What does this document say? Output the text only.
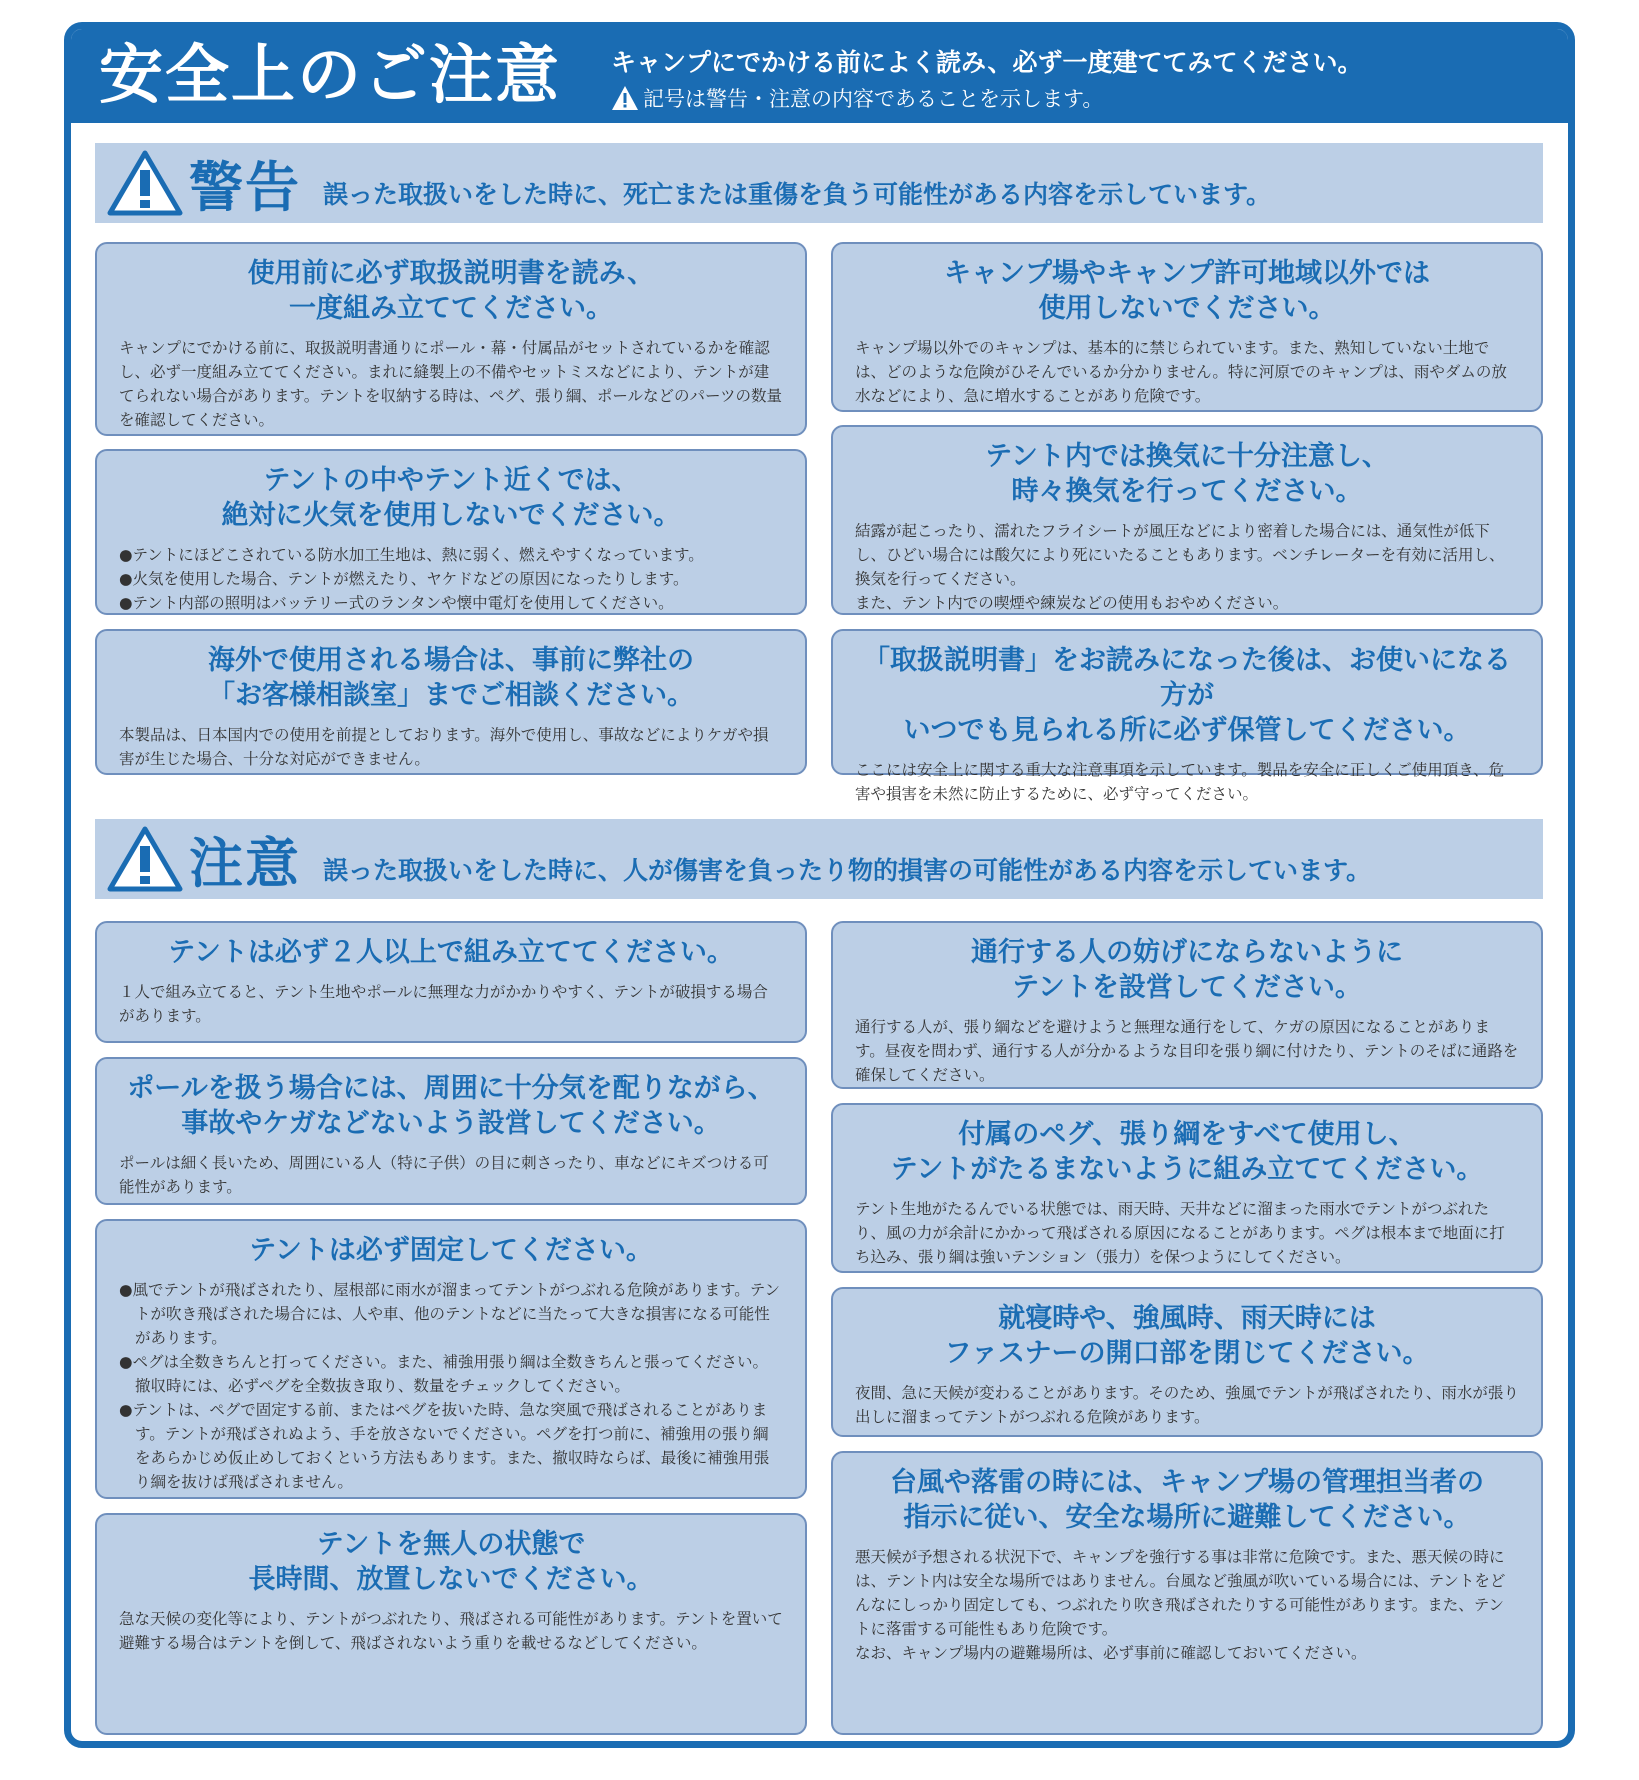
安全上のご注意 キャンプにでかける前によく読み、必ず一度建ててみてください。
記号は警告・注意の内容であることを示します。
警告 誤った取扱いをした時に、死亡または重傷を負う可能性がある内容を示しています。
使用前に必ず取扱説明書を読み、
一度組み立ててください。

キャンプにでかける前に、取扱説明書通りにポール・幕・付属品がセットされているかを確認し、必ず一度組み立ててください。まれに縫製上の不備やセットミスなどにより、テントが建てられない場合があります。テントを収納する時は、ペグ、張り綱、ポールなどのパーツの数量を確認してください。

キャンプ場やキャンプ許可地域以外では
使用しないでください。

キャンプ場以外でのキャンプは、基本的に禁じられています。また、熟知していない土地では、どのような危険がひそんでいるか分かりません。特に河原でのキャンプは、雨やダムの放水などにより、急に増水することがあり危険です。

テントの中やテント近くでは、
絶対に火気を使用しないでください。
● テントにほどこされている防水加工生地は、熱に弱く、燃えやすくなっています。
● 火気を使用した場合、テントが燃えたり、ヤケドなどの原因になったりします。
● テント内部の照明はバッテリー式のランタンや懐中電灯を使用してください。
テント内では換気に十分注意し、
時々換気を行ってください。

結露が起こったり、濡れたフライシートが風圧などにより密着した場合には、通気性が低下し、ひどい場合には酸欠により死にいたることもあります。ベンチレーターを有効に活用し、換気を行ってください。

また、テント内での喫煙や練炭などの使用もおやめください。

海外で使用される場合は、事前に弊社の
「お客様相談室」までご相談ください。

本製品は、日本国内での使用を前提としております。海外で使用し、事故などによりケガや損害が生じた場合、十分な対応ができません。

「取扱説明書」をお読みになった後は、お使いになる方が
いつでも見られる所に必ず保管してください。

ここには安全上に関する重大な注意事項を示しています。製品を安全に正しくご使用頂き、危害や損害を未然に防止するために、必ず守ってください。

注意 誤った取扱いをした時に、人が傷害を負ったり物的損害の可能性がある内容を示しています。
テントは必ず２人以上で組み立ててください。

１人で組み立てると、テント生地やポールに無理な力がかかりやすく、テントが破損する場合があります。

通行する人の妨げにならないように
テントを設営してください。

通行する人が、張り綱などを避けようと無理な通行をして、ケガの原因になることがあります。昼夜を問わず、通行する人が分かるような目印を張り綱に付けたり、テントのそばに通路を確保してください。

ポールを扱う場合には、周囲に十分気を配りながら、
事故やケガなどないよう設営してください。

ポールは細く長いため、周囲にいる人（特に子供）の目に刺さったり、車などにキズつける可能性があります。

付属のペグ、張り綱をすべて使用し、
テントがたるまないように組み立ててください。

テント生地がたるんでいる状態では、雨天時、天井などに溜まった雨水でテントがつぶれたり、風の力が余計にかかって飛ばされる原因になることがあります。ペグは根本まで地面に打ち込み、張り綱は強いテンション（張力）を保つようにしてください。

テントは必ず固定してください。
● 風でテントが飛ばされたり、屋根部に雨水が溜まってテントがつぶれる危険があります。テントが吹き飛ばされた場合には、人や車、他のテントなどに当たって大きな損害になる可能性があります。
● ペグは全数きちんと打ってください。また、補強用張り綱は全数きちんと張ってください。撤収時には、必ずペグを全数抜き取り、数量をチェックしてください。
● テントは、ペグで固定する前、またはペグを抜いた時、急な突風で飛ばされることがあります。テントが飛ばされぬよう、手を放さないでください。ペグを打つ前に、補強用の張り綱をあらかじめ仮止めしておくという方法もあります。また、撤収時ならば、最後に補強用張り綱を抜けば飛ばされません。
就寝時や、強風時、雨天時には
ファスナーの開口部を閉じてください。

夜間、急に天候が変わることがあります。そのため、強風でテントが飛ばされたり、雨水が張り出しに溜まってテントがつぶれる危険があります。

テントを無人の状態で
長時間、放置しないでください。

急な天候の変化等により、テントがつぶれたり、飛ばされる可能性があります。テントを置いて避難する場合はテントを倒して、飛ばされないよう重りを載せるなどしてください。

台風や落雷の時には、キャンプ場の管理担当者の
指示に従い、安全な場所に避難してください。

悪天候が予想される状況下で、キャンプを強行する事は非常に危険です。また、悪天候の時には、テント内は安全な場所ではありません。台風など強風が吹いている場合には、テントをどんなにしっかり固定しても、つぶれたり吹き飛ばされたりする可能性があります。また、テントに落雷する可能性もあり危険です。

なお、キャンプ場内の避難場所は、必ず事前に確認しておいてください。
